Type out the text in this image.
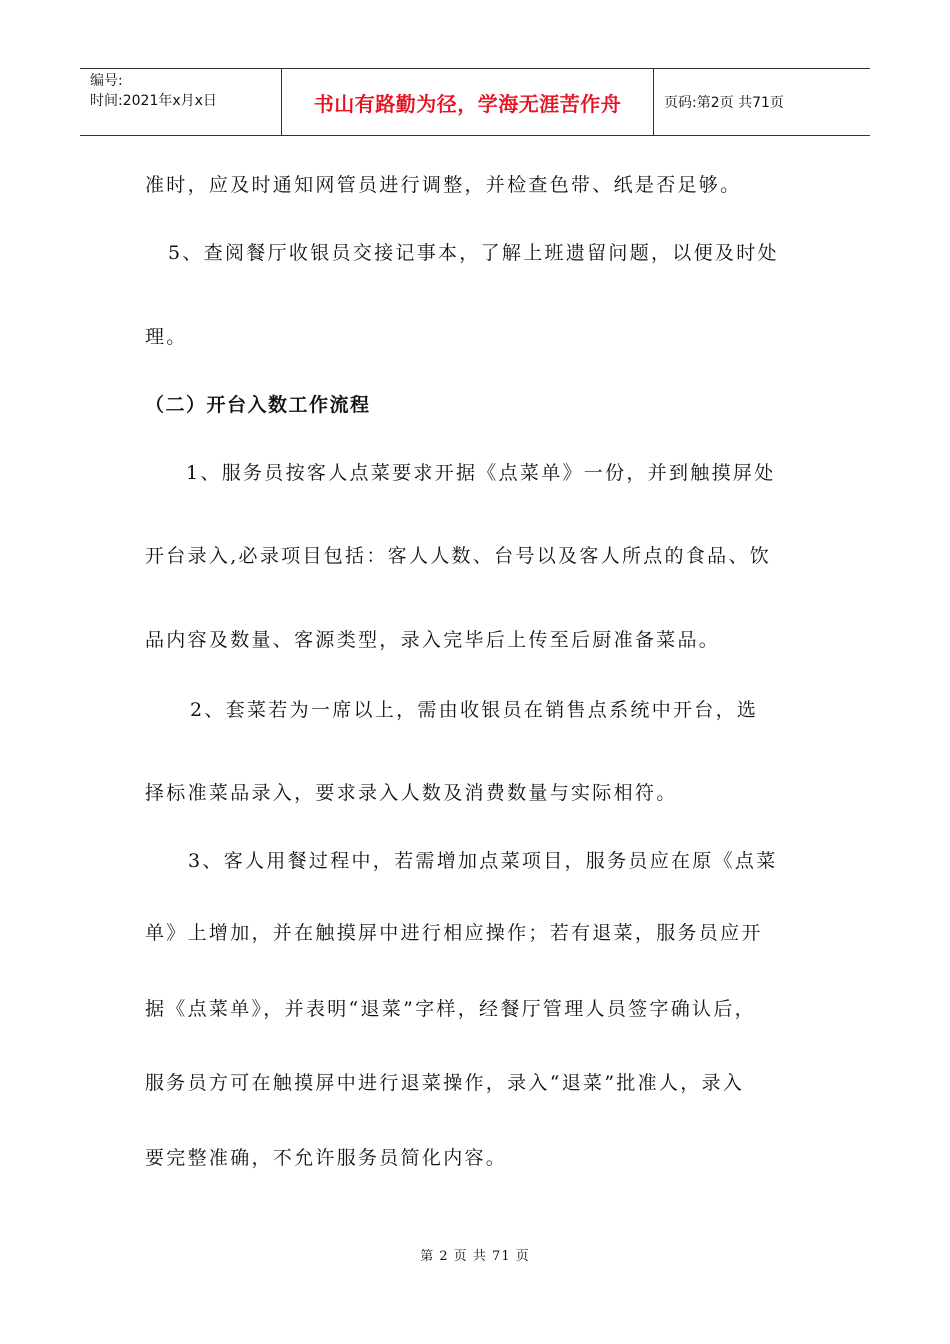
编号:
时间:2021年x月x日	书山有路勤为径，学海无涯苦作舟	页码:第2页 共71页
准时，应及时通知网管员进行调整，并检查色带、纸是否足够。
5、查阅餐厅收银员交接记事本，了解上班遗留问题，以便及时处
理。
（二）开台入数工作流程
1、服务员按客人点菜要求开据《点菜单》一份，并到触摸屏处
开台录入,必录项目包括：客人人数、台号以及客人所点的食品、饮
品内容及数量、客源类型，录入完毕后上传至后厨准备菜品。
2、套菜若为一席以上，需由收银员在销售点系统中开台，选
择标准菜品录入，要求录入人数及消费数量与实际相符。
3、客人用餐过程中，若需增加点菜项目，服务员应在原《点菜
单》上增加，并在触摸屏中进行相应操作；若有退菜，服务员应开
据《点菜单》，并表明“退菜”字样，经餐厅管理人员签字确认后，
服务员方可在触摸屏中进行退菜操作，录入“退菜”批准人，录入
要完整准确，不允许服务员简化内容。
第 2 页 共 71 页
